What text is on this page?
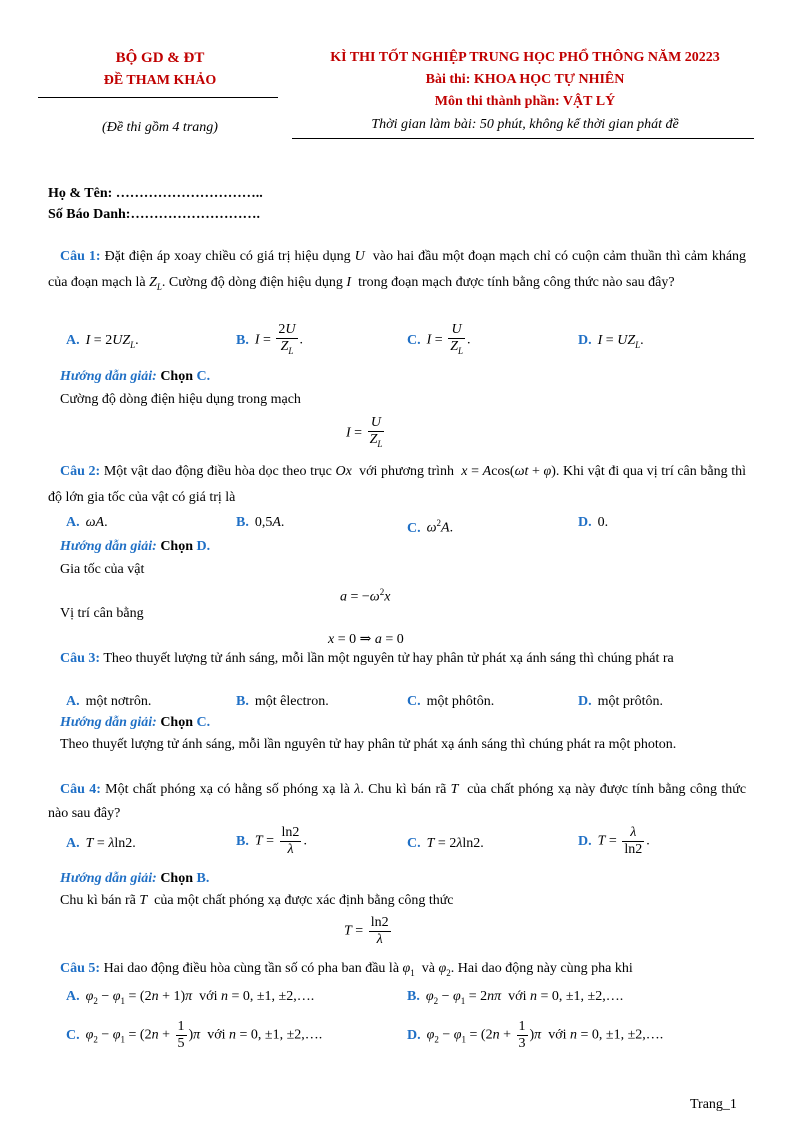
BỘ GD & ĐT
ĐỀ THAM KHẢO
(Đề thi gồm 4 trang)
KÌ THI TỐT NGHIỆP TRUNG HỌC PHỔ THÔNG NĂM 20223
Bài thi: KHOA HỌC TỰ NHIÊN
Môn thi thành phần: VẬT LÝ
Thời gian làm bài: 50 phút, không kể thời gian phát đề
Họ & Tên: …………………………..
Số Báo Danh:……………………….
Câu 1: Đặt điện áp xoay chiều có giá trị hiệu dụng U vào hai đầu một đoạn mạch chỉ có cuộn cảm thuần thì cảm kháng của đoạn mạch là $Z_L$. Cường độ dòng điện hiệu dụng I trong đoạn mạch được tính bằng công thức nào sau đây?
A. $I = 2UZ_L$.	B. $I = \frac{2U}{Z_L}$ .	C. $I = \frac{U}{Z_L}$ .	D. $I = UZ_L$.
Hướng dẫn giải: Chọn C.
Cường độ dòng điện hiệu dụng trong mạch
$I = \frac{U}{Z_L}$
Câu 2: Một vật dao động điều hòa dọc theo trục Ox với phương trình x = Acos(ωt + φ). Khi vật đi qua vị trí cân bằng thì độ lớn gia tốc của vật có giá trị là
A. ωA.	B. 0,5A.	C. $\omega^2A$.	D. 0.
Hướng dẫn giải: Chọn D.
Gia tốc của vật
$a = -\omega^2x$
Vị trí cân bằng
x = 0 ⇒ a = 0
Câu 3: Theo thuyết lượng tử ánh sáng, mỗi lần một nguyên tử hay phân tử phát xạ ánh sáng thì chúng phát ra
A. một nơtrôn.	B. một êlectron.	C. một phôtôn.	D. một prôtôn.
Hướng dẫn giải: Chọn C.
Theo thuyết lượng tử ánh sáng, mỗi lần nguyên tử hay phân tử phát xạ ánh sáng thì chúng phát ra một photon.
Câu 4: Một chất phóng xạ có hằng số phóng xạ là λ. Chu kì bán rã T của chất phóng xạ này được tính bằng công thức nào sau đây?
A. T = λln2.	B. $T = \frac{\ln 2}{\lambda}$ .	C. T = 2λln2.	D. $T = \frac{\lambda}{\ln 2}$ .
Hướng dẫn giải: Chọn B.
Chu kì bán rã T của một chất phóng xạ được xác định bằng công thức
$T = \frac{\ln 2}{\lambda}$
Câu 5: Hai dao động điều hòa cùng tần số có pha ban đầu là $\varphi_1$ và $\varphi_2$. Hai dao động này cùng pha khi
A. $\varphi_2 - \varphi_1 = (2n + 1)\pi$ với n = 0, ±1, ±2,….	B. $\varphi_2 - \varphi_1 = 2n\pi$ với n = 0, ±1, ±2,….
C. $\varphi_2 - \varphi_1 = (2n + \frac{1}{5} )\pi$ với n = 0, ±1, ±2,….	D. $\varphi_2 - \varphi_1 = (2n + \frac{1}{3} )\pi$ với n = 0, ±1, ±2,….
Trang_1
